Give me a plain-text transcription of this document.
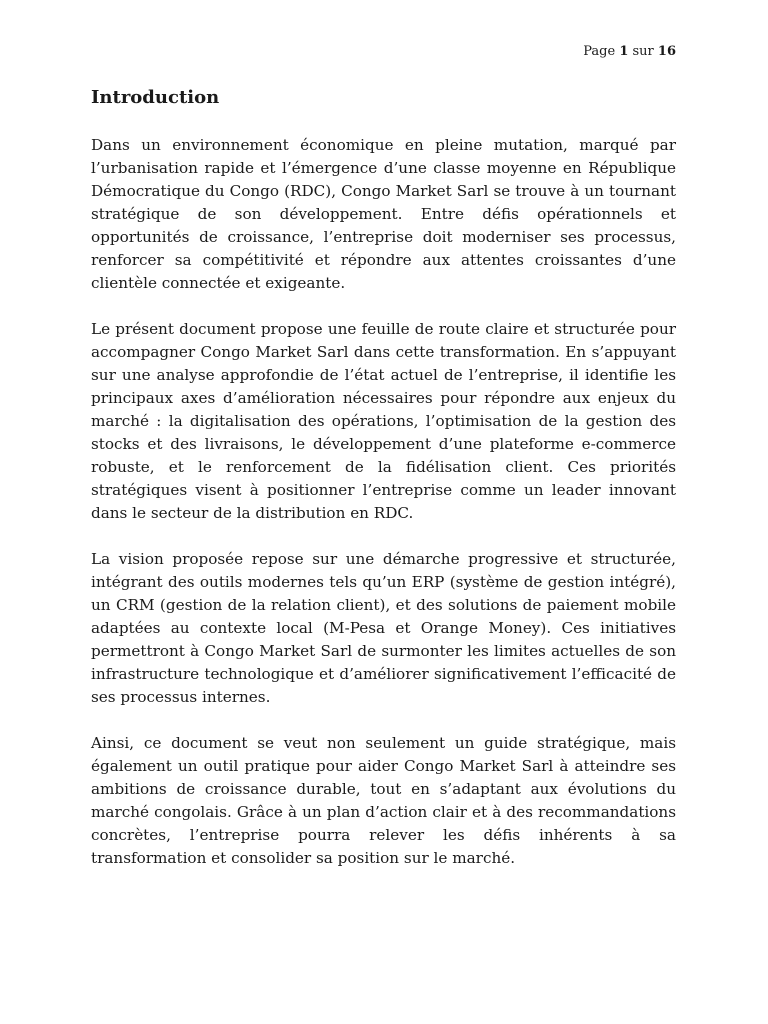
Page 1 sur 16
Introduction

Dans un environnement économique en pleine mutation, marqué par l’urbanisation rapide et l’émergence d’une classe moyenne en République Démocratique du Congo (RDC), Congo Market Sarl se trouve à un tournant stratégique de son développement. Entre défis opérationnels et opportunités de croissance, l’entreprise doit moderniser ses processus, renforcer sa compétitivité et répondre aux attentes croissantes d’une clientèle connectée et exigeante.

Le présent document propose une feuille de route claire et structurée pour accompagner Congo Market Sarl dans cette transformation. En s’appuyant sur une analyse approfondie de l’état actuel de l’entreprise, il identifie les principaux axes d’amélioration nécessaires pour répondre aux enjeux du marché : la digitalisation des opérations, l’optimisation de la gestion des stocks et des livraisons, le développement d’une plateforme e-commerce robuste, et le renforcement de la fidélisation client. Ces priorités stratégiques visent à positionner l’entreprise comme un leader innovant dans le secteur de la distribution en RDC.

La vision proposée repose sur une démarche progressive et structurée, intégrant des outils modernes tels qu’un ERP (système de gestion intégré), un CRM (gestion de la relation client), et des solutions de paiement mobile adaptées au contexte local (M-Pesa et Orange Money). Ces initiatives permettront à Congo Market Sarl de surmonter les limites actuelles de son infrastructure technologique et d’améliorer significativement l’efficacité de ses processus internes.

Ainsi, ce document se veut non seulement un guide stratégique, mais également un outil pratique pour aider Congo Market Sarl à atteindre ses ambitions de croissance durable, tout en s’adaptant aux évolutions du marché congolais. Grâce à un plan d’action clair et à des recommandations concrètes, l’entreprise pourra relever les défis inhérents à sa transformation et consolider sa position sur le marché.
